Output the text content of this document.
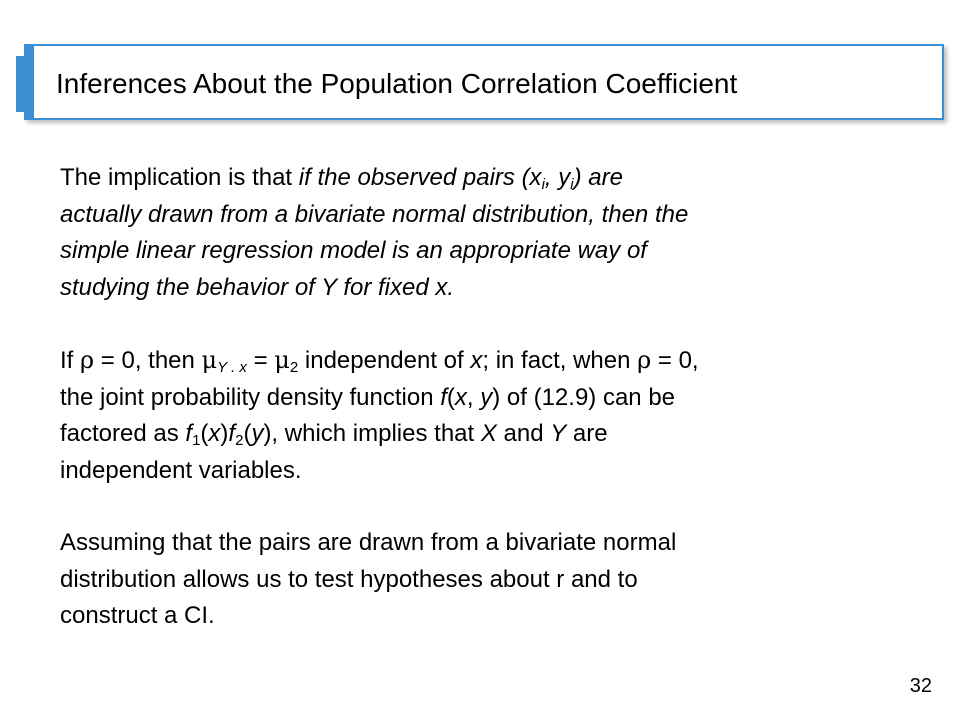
Inferences About the Population Correlation Coefficient

The implication is that if the observed pairs ($x_i$, $y_i$) are

actually drawn from a bivariate normal distribution, then the

simple linear regression model is an appropriate way of

studying the behavior of Y for fixed x.

If ρ = 0, then $\mu_{Y . x} = \mu_2$ independent of x; in fact, when ρ = 0,

the joint probability density function f(x, y) of (12.9) can be

factored as $f_1(x)f_2(y)$, which implies that X and Y are

independent variables.

Assuming that the pairs are drawn from a bivariate normal

distribution allows us to test hypotheses about r and to

construct a CI.

32
